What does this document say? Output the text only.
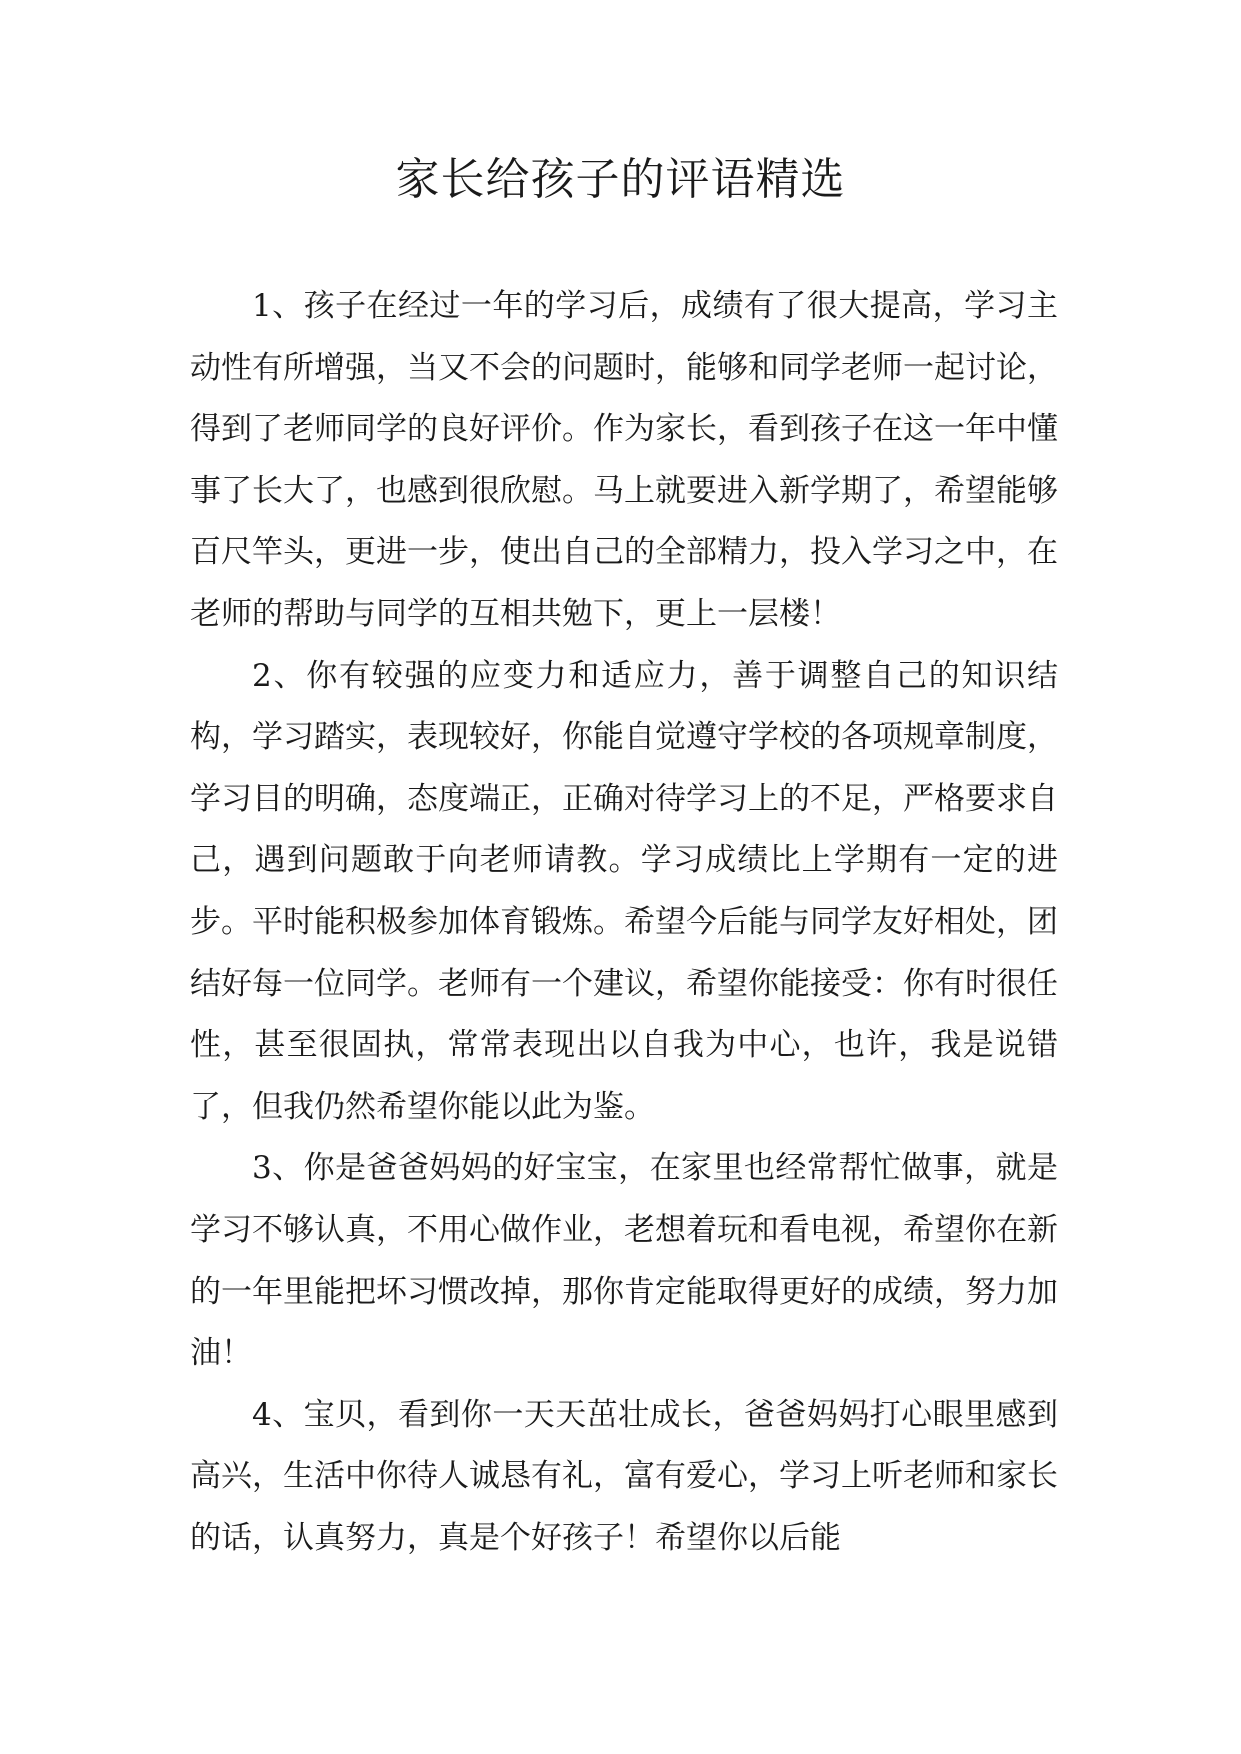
家长给孩子的评语精选

1、孩子在经过一年的学习后，成绩有了很大提高，学习主动性有所增强，当又不会的问题时，能够和同学老师一起讨论，得到了老师同学的良好评价。作为家长，看到孩子在这一年中懂事了长大了，也感到很欣慰。马上就要进入新学期了，希望能够百尺竿头，更进一步，使出自己的全部精力，投入学习之中，在老师的帮助与同学的互相共勉下，更上一层楼！

2、你有较强的应变力和适应力，善于调整自己的知识结构，学习踏实，表现较好，你能自觉遵守学校的各项规章制度，学习目的明确，态度端正，正确对待学习上的不足，严格要求自己，遇到问题敢于向老师请教。学习成绩比上学期有一定的进步。平时能积极参加体育锻炼。希望今后能与同学友好相处，团结好每一位同学。老师有一个建议，希望你能接受：你有时很任性，甚至很固执，常常表现出以自我为中心，也许，我是说错了，但我仍然希望你能以此为鉴。

3、你是爸爸妈妈的好宝宝，在家里也经常帮忙做事，就是学习不够认真，不用心做作业，老想着玩和看电视，希望你在新的一年里能把坏习惯改掉，那你肯定能取得更好的成绩，努力加油！

4、宝贝，看到你一天天茁壮成长，爸爸妈妈打心眼里感到高兴，生活中你待人诚恳有礼，富有爱心，学习上听老师和家长的话，认真努力，真是个好孩子！希望你以后能
